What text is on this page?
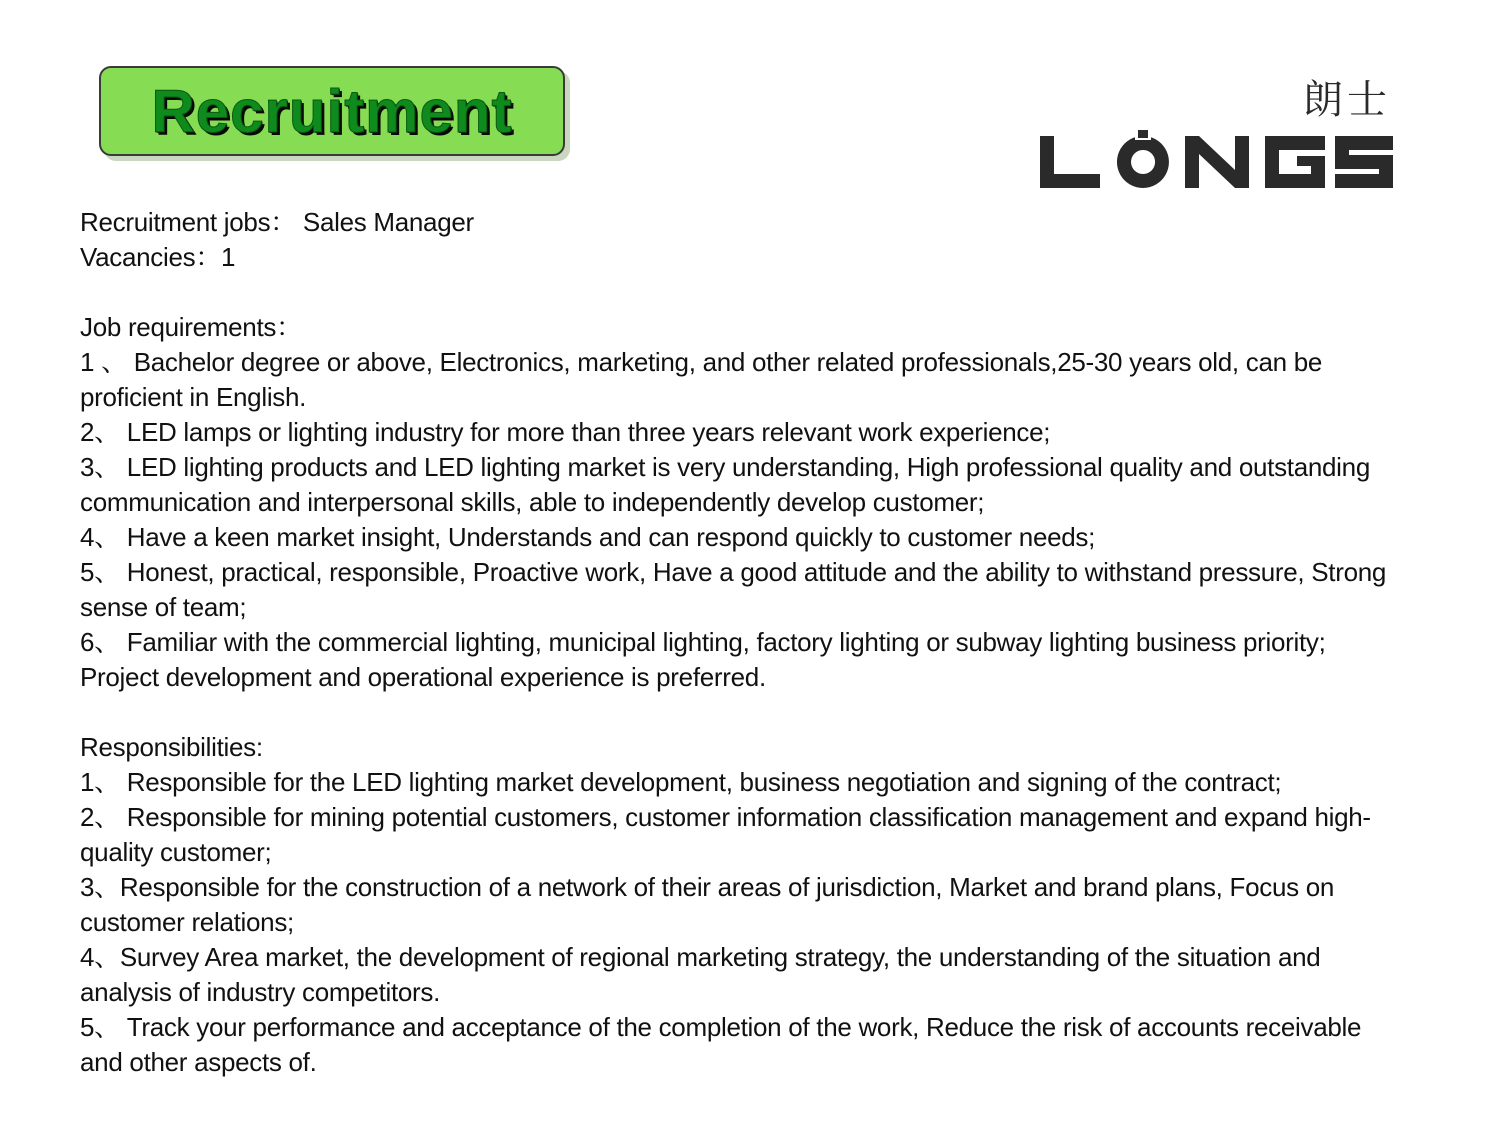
Recruitment	朗士

Recruitment jobs： Sales Manager

Vacancies：1

Job requirements：

1 、 Bachelor degree or above, Electronics, marketing, and other related professionals,25-30 years old, can be proficient in English.

2、 LED lamps or lighting industry for more than three years relevant work experience;

3、 LED lighting products and LED lighting market is very understanding, High professional quality and outstanding communication and interpersonal skills, able to independently develop customer;

4、 Have a keen market insight, Understands and can respond quickly to customer needs;

5、 Honest, practical, responsible, Proactive work, Have a good attitude and the ability to withstand pressure, Strong sense of team;

6、 Familiar with the commercial lighting, municipal lighting, factory lighting or subway lighting business priority; Project development and operational experience is preferred.

Responsibilities:

1、 Responsible for the LED lighting market development, business negotiation and signing of the contract;

2、 Responsible for mining potential customers, customer information classification management and expand high-quality customer;

3、Responsible for the construction of a network of their areas of jurisdiction, Market and brand plans, Focus on customer relations;

4、Survey Area market, the development of regional marketing strategy, the understanding of the situation and analysis of industry competitors.

5、 Track your performance and acceptance of the completion of the work, Reduce the risk of accounts receivable and other aspects of.
